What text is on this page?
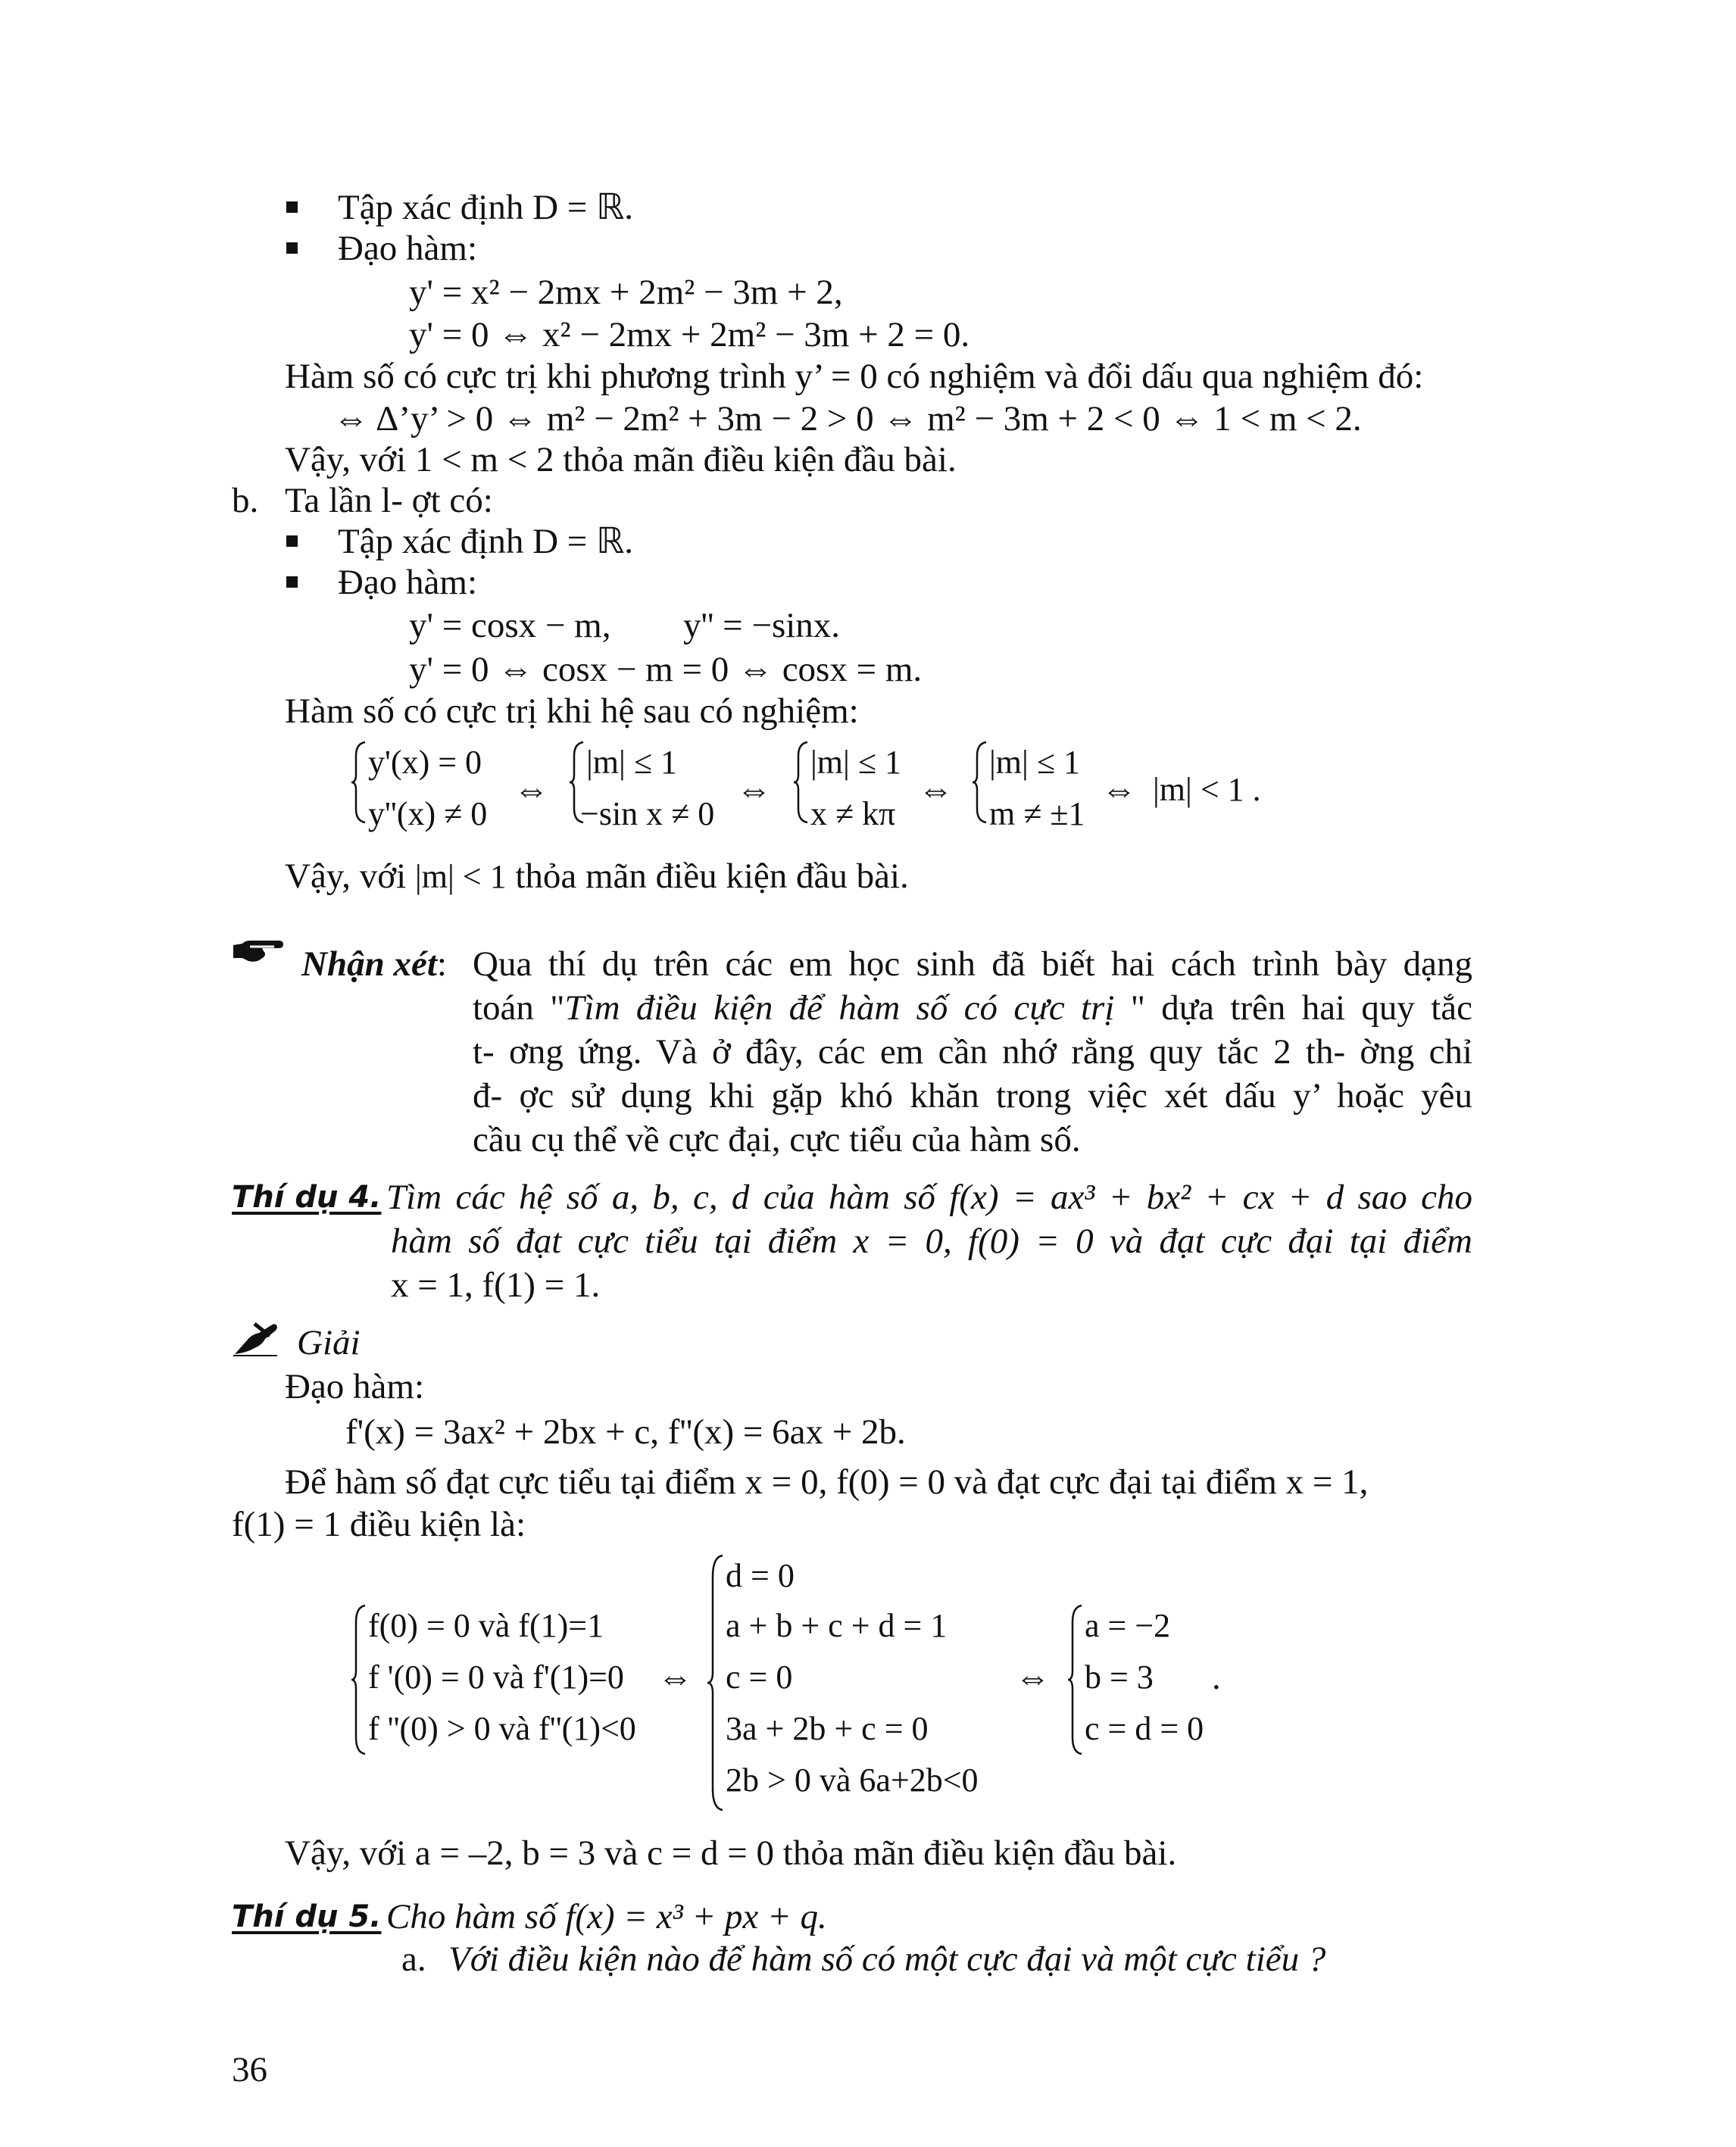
Tập xác định D = ℝ.
Đạo hàm:
y' = x² − 2mx + 2m² − 3m + 2,
y' = 0 ⇔ x² − 2mx + 2m² − 3m + 2 = 0.
Hàm số có cực trị khi phương trình y’ = 0 có nghiệm và đổi dấu qua nghiệm đó:
⇔ Δ’y’ > 0 ⇔ m² − 2m² + 3m − 2 > 0 ⇔ m² − 3m + 2 < 0 ⇔ 1 < m < 2.
Vậy, với 1 < m < 2 thỏa mãn điều kiện đầu bài.
b. Ta lần l- ợt có:
Tập xác định D = ℝ.
Đạo hàm:
y' = cosx − m, y'' = −sinx.
y' = 0 ⇔ cosx − m = 0 ⇔ cosx = m.
Hàm số có cực trị khi hệ sau có nghiệm:
y'(x) = 0
y''(x) ≠ 0
⇔
|m| ≤ 1
−sin x ≠ 0
⇔
|m| ≤ 1
x ≠ kπ
⇔
|m| ≤ 1
m ≠ ±1
⇔ |m| < 1 .
Vậy, với |m| < 1 thỏa mãn điều kiện đầu bài.
Nhận xét: Qua thí dụ trên các em học sinh đã biết hai cách trình bày dạng
toán "Tìm điều kiện để hàm số có cực trị " dựa trên hai quy tắc
t- ơng ứng. Và ở đây, các em cần nhớ rằng quy tắc 2 th- ờng chỉ
đ- ợc sử dụng khi gặp khó khăn trong việc xét dấu y’ hoặc yêu
cầu cụ thể về cực đại, cực tiểu của hàm số.
Thí dụ 4. Tìm các hệ số a, b, c, d của hàm số f(x) = ax³ + bx² + cx + d sao cho
hàm số đạt cực tiểu tại điểm x = 0, f(0) = 0 và đạt cực đại tại điểm
x = 1, f(1) = 1.
Giải
Đạo hàm:
f'(x) = 3ax² + 2bx + c, f''(x) = 6ax + 2b.
Để hàm số đạt cực tiểu tại điểm x = 0, f(0) = 0 và đạt cực đại tại điểm x = 1,
f(1) = 1 điều kiện là:
f(0) = 0 và f(1)=1
f '(0) = 0 và f'(1)=0
f ''(0) > 0 và f''(1)<0
⇔
d = 0
a + b + c + d = 1
c = 0
3a + 2b + c = 0
2b > 0 và 6a+2b<0
⇔
a = −2
b = 3
c = d = 0
.
Vậy, với a = –2, b = 3 và c = d = 0 thỏa mãn điều kiện đầu bài.
Thí dụ 5. Cho hàm số f(x) = x³ + px + q.
a. Với điều kiện nào để hàm số có một cực đại và một cực tiểu ?
36
